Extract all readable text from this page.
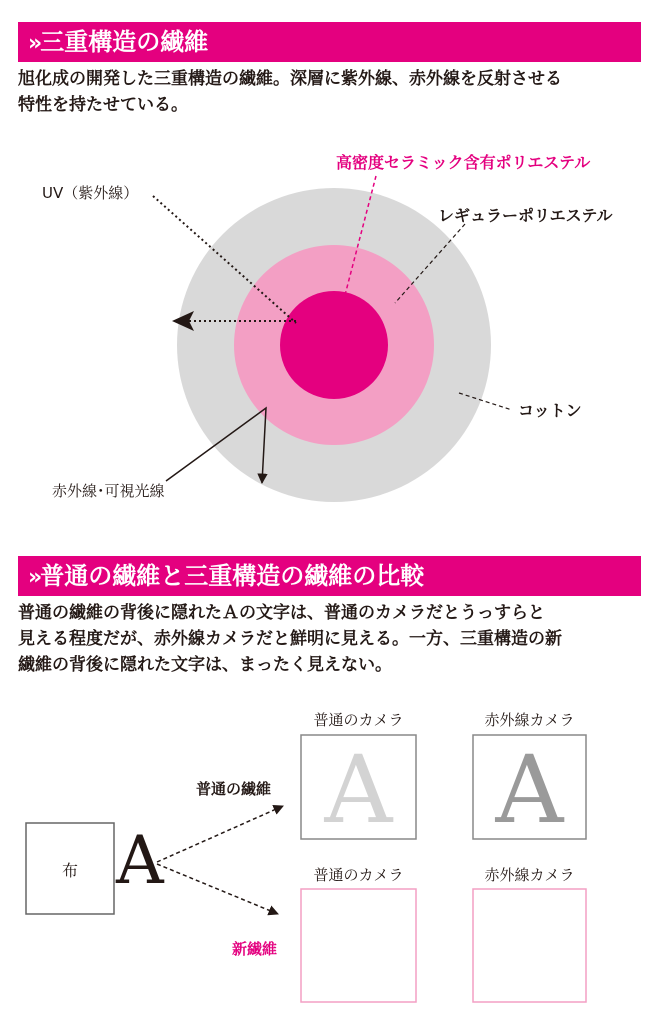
» 三重構造の繊維
旭化成の開発した三重構造の繊維。深層に紫外線、赤外線を反射させる
特性を持たせている。
UV（紫外線）
高密度セラミック含有ポリエステル
レギュラーポリエステル
コットン
赤外線･可視光線
» 普通の繊維と三重構造の繊維の比較
普通の繊維の背後に隠れたＡの文字は、普通のカメラだとうっすらと
見える程度だが、赤外線カメラだと鮮明に見える。一方、三重構造の新
繊維の背後に隠れた文字は、まったく見えない。
A A
布 A
普通の繊維
新繊維
普通のカメラ	赤外線カメラ
普通のカメラ	赤外線カメラ
